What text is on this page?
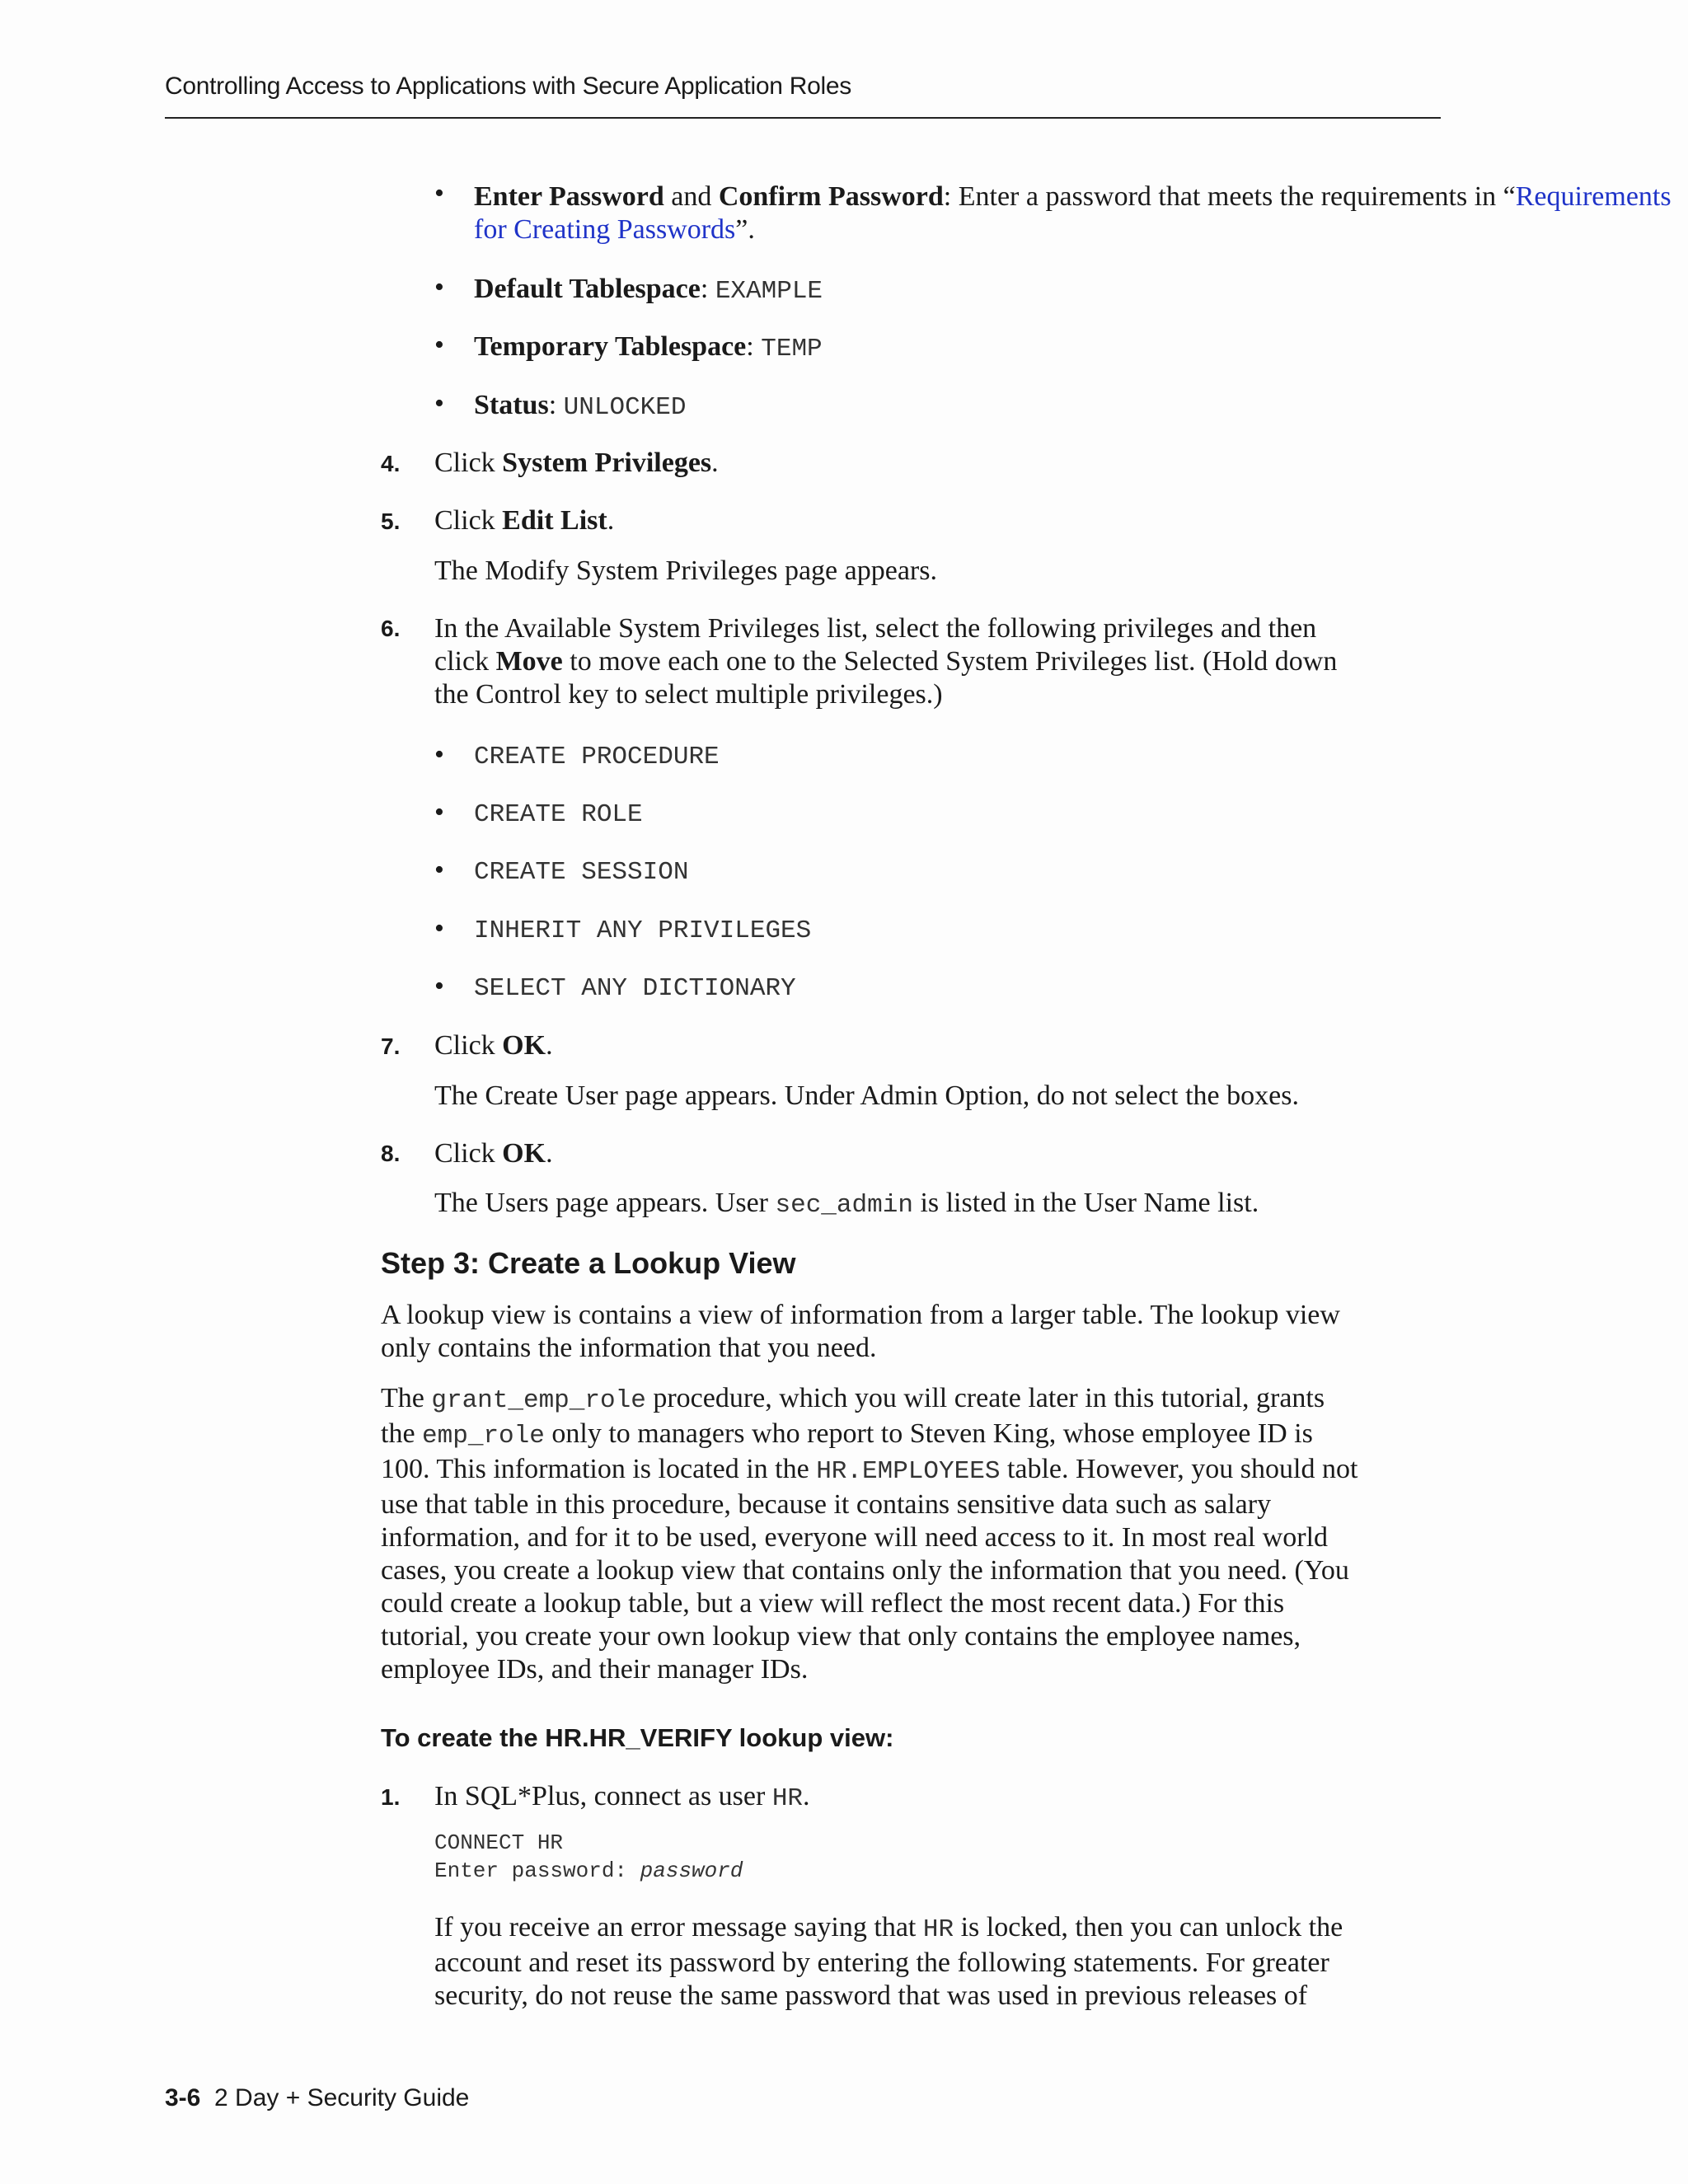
Controlling Access to Applications with Secure Application Roles
• Enter Password and Confirm Password: Enter a password that meets the requirements in “Requirements for Creating Passwords”.
• Default Tablespace: EXAMPLE
• Temporary Tablespace: TEMP
• Status: UNLOCKED
4. Click System Privileges.
5. Click Edit List.
The Modify System Privileges page appears.
6. In the Available System Privileges list, select the following privileges and then
click Move to move each one to the Selected System Privileges list. (Hold down
the Control key to select multiple privileges.)
• CREATE PROCEDURE
• CREATE ROLE
• CREATE SESSION
• INHERIT ANY PRIVILEGES
• SELECT ANY DICTIONARY
7. Click OK.
The Create User page appears. Under Admin Option, do not select the boxes.
8. Click OK.
The Users page appears. User sec_admin is listed in the User Name list.
Step 3: Create a Lookup View
A lookup view is contains a view of information from a larger table. The lookup view
only contains the information that you need.
The grant_emp_role procedure, which you will create later in this tutorial, grants
the emp_role only to managers who report to Steven King, whose employee ID is
100. This information is located in the HR.EMPLOYEES table. However, you should not
use that table in this procedure, because it contains sensitive data such as salary
information, and for it to be used, everyone will need access to it. In most real world
cases, you create a lookup view that contains only the information that you need. (You
could create a lookup table, but a view will reflect the most recent data.) For this
tutorial, you create your own lookup view that only contains the employee names,
employee IDs, and their manager IDs.
To create the HR.HR_VERIFY lookup view:
1. In SQL*Plus, connect as user HR.
CONNECT HR
Enter password: password
If you receive an error message saying that HR is locked, then you can unlock the
account and reset its password by entering the following statements. For greater
security, do not reuse the same password that was used in previous releases of
3-6 2 Day + Security Guide
